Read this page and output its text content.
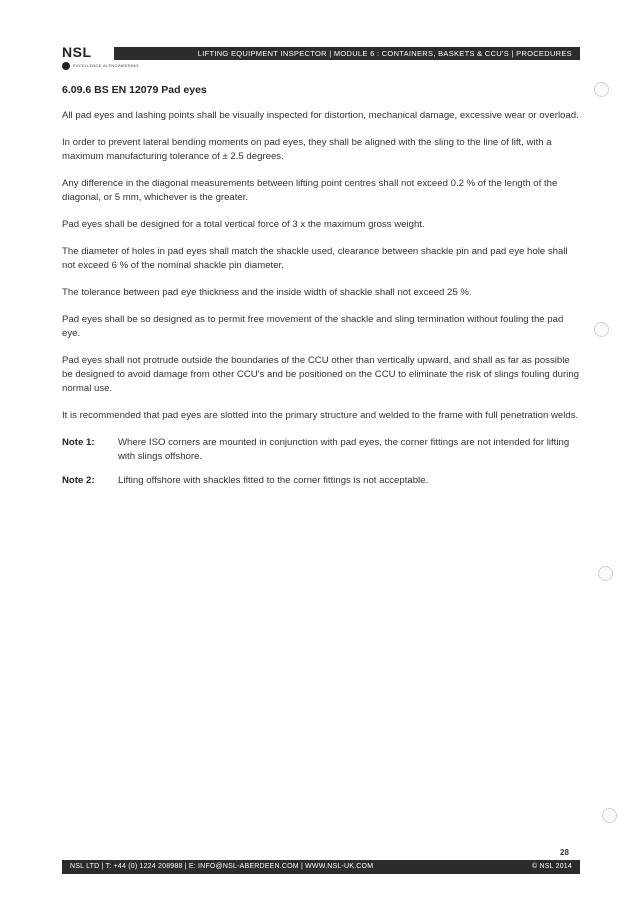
NSL
EXCELLENCE IN ENGINEERING
LIFTING EQUIPMENT INSPECTOR | MODULE 6 : CONTAINERS, BASKETS & CCU'S | PROCEDURES
6.09.6 BS EN 12079 Pad eyes

All pad eyes and lashing points shall be visually inspected for distortion, mechanical damage, excessive wear or overload.

In order to prevent lateral bending moments on pad eyes, they shall be aligned with the sling to the line of lift, with a maximum manufacturing tolerance of ± 2.5 degrees.

Any difference in the diagonal measurements between lifting point centres shall not exceed 0.2 % of the length of the diagonal, or 5 mm, whichever is the greater.

Pad eyes shall be designed for a total vertical force of 3 x the maximum gross weight.

The diameter of holes in pad eyes shall match the shackle used, clearance between shackle pin and pad eye hole shall not exceed 6 % of the nominal shackle pin diameter.

The tolerance between pad eye thickness and the inside width of shackle shall not exceed 25 %.

Pad eyes shall be so designed as to permit free movement of the shackle and sling termination without fouling the pad eye.

Pad eyes shall not protrude outside the boundaries of the CCU other than vertically upward, and shall as far as possible be designed to avoid damage from other CCU's and be positioned on the CCU to eliminate the risk of slings fouling during normal use.

It is recommended that pad eyes are slotted into the primary structure and welded to the frame with full penetration welds.

Note 1:	Where ISO corners are mounted in conjunction with pad eyes, the corner fittings are not intended for lifting with slings offshore.
Note 2:	Lifting offshore with shackles fitted to the corner fittings is not acceptable.
28
NSL LTD | T: +44 (0) 1224 208988 | E: INFO@NSL-ABERDEEN.COM | WWW.NSL-UK.COM	© NSL 2014
